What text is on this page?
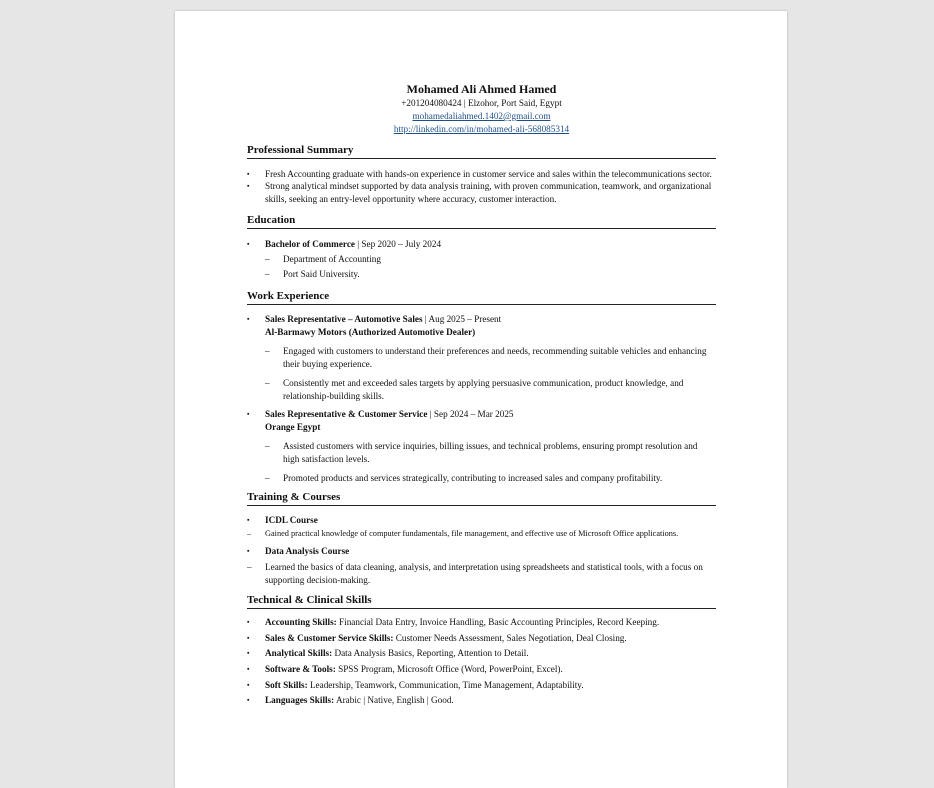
Mohamed Ali Ahmed Hamed
+201204080424 | Elzohor, Port Said, Egypt
mohamedaliahmed.1402@gmail.com
http://linkedin.com/in/mohamed-ali-568085314
Professional Summary
▪ Fresh Accounting graduate with hands-on experience in customer service and sales within the telecommunications sector.
▪ Strong analytical mindset supported by data analysis training, with proven communication, teamwork, and organizational skills, seeking an entry-level opportunity where accuracy, customer interaction.
Education
▪ Bachelor of Commerce | Sep 2020 – July 2024
– Department of Accounting
– Port Said University.
Work Experience
▪ Sales Representative – Automotive Sales | Aug 2025 – Present
Al-Barmawy Motors (Authorized Automotive Dealer)
– Engaged with customers to understand their preferences and needs, recommending suitable vehicles and enhancing their buying experience.
– Consistently met and exceeded sales targets by applying persuasive communication, product knowledge, and relationship-building skills.
▪ Sales Representative & Customer Service | Sep 2024 – Mar 2025
Orange Egypt
– Assisted customers with service inquiries, billing issues, and technical problems, ensuring prompt resolution and high satisfaction levels.
– Promoted products and services strategically, contributing to increased sales and company profitability.
Training & Courses
▪ ICDL Course
– Gained practical knowledge of computer fundamentals, file management, and effective use of Microsoft Office applications.
▪ Data Analysis Course
– Learned the basics of data cleaning, analysis, and interpretation using spreadsheets and statistical tools, with a focus on supporting decision-making.
Technical & Clinical Skills
▪ Accounting Skills: Financial Data Entry, Invoice Handling, Basic Accounting Principles, Record Keeping.
▪ Sales & Customer Service Skills: Customer Needs Assessment, Sales Negotiation, Deal Closing.
▪ Analytical Skills: Data Analysis Basics, Reporting, Attention to Detail.
▪ Software & Tools: SPSS Program, Microsoft Office (Word, PowerPoint, Excel).
▪ Soft Skills: Leadership, Teamwork, Communication, Time Management, Adaptability.
▪ Languages Skills: Arabic | Native, English | Good.
